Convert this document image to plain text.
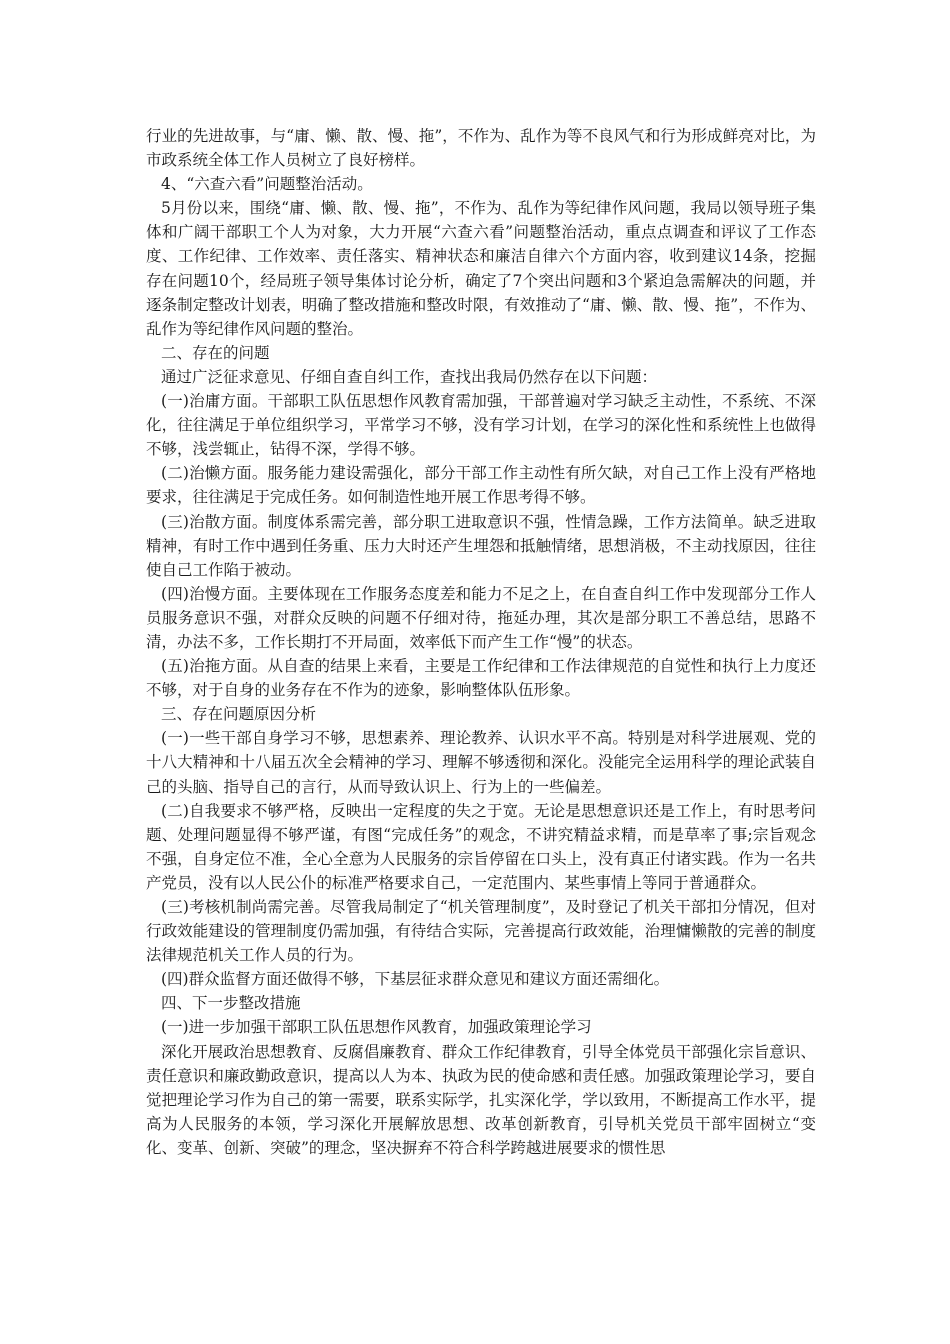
行业的先进故事，与“庸、懒、散、慢、拖”，不作为、乱作为等不良风气和行为形成鲜亮对比，为市政系统全体工作人员树立了良好榜样。

4、“六查六看”问题整治活动。

5月份以来，围绕“庸、懒、散、慢、拖”，不作为、乱作为等纪律作风问题，我局以领导班子集体和广阔干部职工个人为对象，大力开展“六查六看”问题整治活动，重点点调查和评议了工作态度、工作纪律、工作效率、责任落实、精神状态和廉洁自律六个方面内容，收到建议14条，挖掘存在问题10个，经局班子领导集体讨论分析，确定了7个突出问题和3个紧迫急需解决的问题，并逐条制定整改计划表，明确了整改措施和整改时限，有效推动了“庸、懒、散、慢、拖”，不作为、乱作为等纪律作风问题的整治。

二、存在的问题

通过广泛征求意见、仔细自查自纠工作，查找出我局仍然存在以下问题：

(一)治庸方面。干部职工队伍思想作风教育需加强，干部普遍对学习缺乏主动性，不系统、不深化，往往满足于单位组织学习，平常学习不够，没有学习计划，在学习的深化性和系统性上也做得不够，浅尝辄止，钻得不深，学得不够。

(二)治懒方面。服务能力建设需强化，部分干部工作主动性有所欠缺，对自己工作上没有严格地要求，往往满足于完成任务。如何制造性地开展工作思考得不够。

(三)治散方面。制度体系需完善，部分职工进取意识不强，性情急躁，工作方法简单。缺乏进取精神，有时工作中遇到任务重、压力大时还产生埋怨和抵触情绪，思想消极，不主动找原因，往往使自己工作陷于被动。

(四)治慢方面。主要体现在工作服务态度差和能力不足之上，在自查自纠工作中发现部分工作人员服务意识不强，对群众反映的问题不仔细对待，拖延办理，其次是部分职工不善总结，思路不清，办法不多，工作长期打不开局面，效率低下而产生工作“慢”的状态。

(五)治拖方面。从自查的结果上来看，主要是工作纪律和工作法律规范的自觉性和执行上力度还不够，对于自身的业务存在不作为的迹象，影响整体队伍形象。

三、存在问题原因分析

(一)一些干部自身学习不够，思想素养、理论教养、认识水平不高。特别是对科学进展观、党的十八大精神和十八届五次全会精神的学习、理解不够透彻和深化。没能完全运用科学的理论武装自己的头脑、指导自己的言行，从而导致认识上、行为上的一些偏差。

(二)自我要求不够严格，反映出一定程度的失之于宽。无论是思想意识还是工作上，有时思考问题、处理问题显得不够严谨，有图“完成任务”的观念，不讲究精益求精，而是草率了事;宗旨观念不强，自身定位不准，全心全意为人民服务的宗旨停留在口头上，没有真正付诸实践。作为一名共产党员，没有以人民公仆的标准严格要求自己，一定范围内、某些事情上等同于普通群众。

(三)考核机制尚需完善。尽管我局制定了“机关管理制度”，及时登记了机关干部扣分情况，但对行政效能建设的管理制度仍需加强，有待结合实际，完善提高行政效能，治理慵懒散的完善的制度法律规范机关工作人员的行为。

(四)群众监督方面还做得不够，下基层征求群众意见和建议方面还需细化。

四、下一步整改措施

(一)进一步加强干部职工队伍思想作风教育，加强政策理论学习

深化开展政治思想教育、反腐倡廉教育、群众工作纪律教育，引导全体党员干部强化宗旨意识、责任意识和廉政勤政意识，提高以人为本、执政为民的使命感和责任感。加强政策理论学习，要自觉把理论学习作为自己的第一需要，联系实际学，扎实深化学，学以致用，不断提高工作水平，提高为人民服务的本领，学习深化开展解放思想、改革创新教育，引导机关党员干部牢固树立“变化、变革、创新、突破”的理念，坚决摒弃不符合科学跨越进展要求的惯性思
